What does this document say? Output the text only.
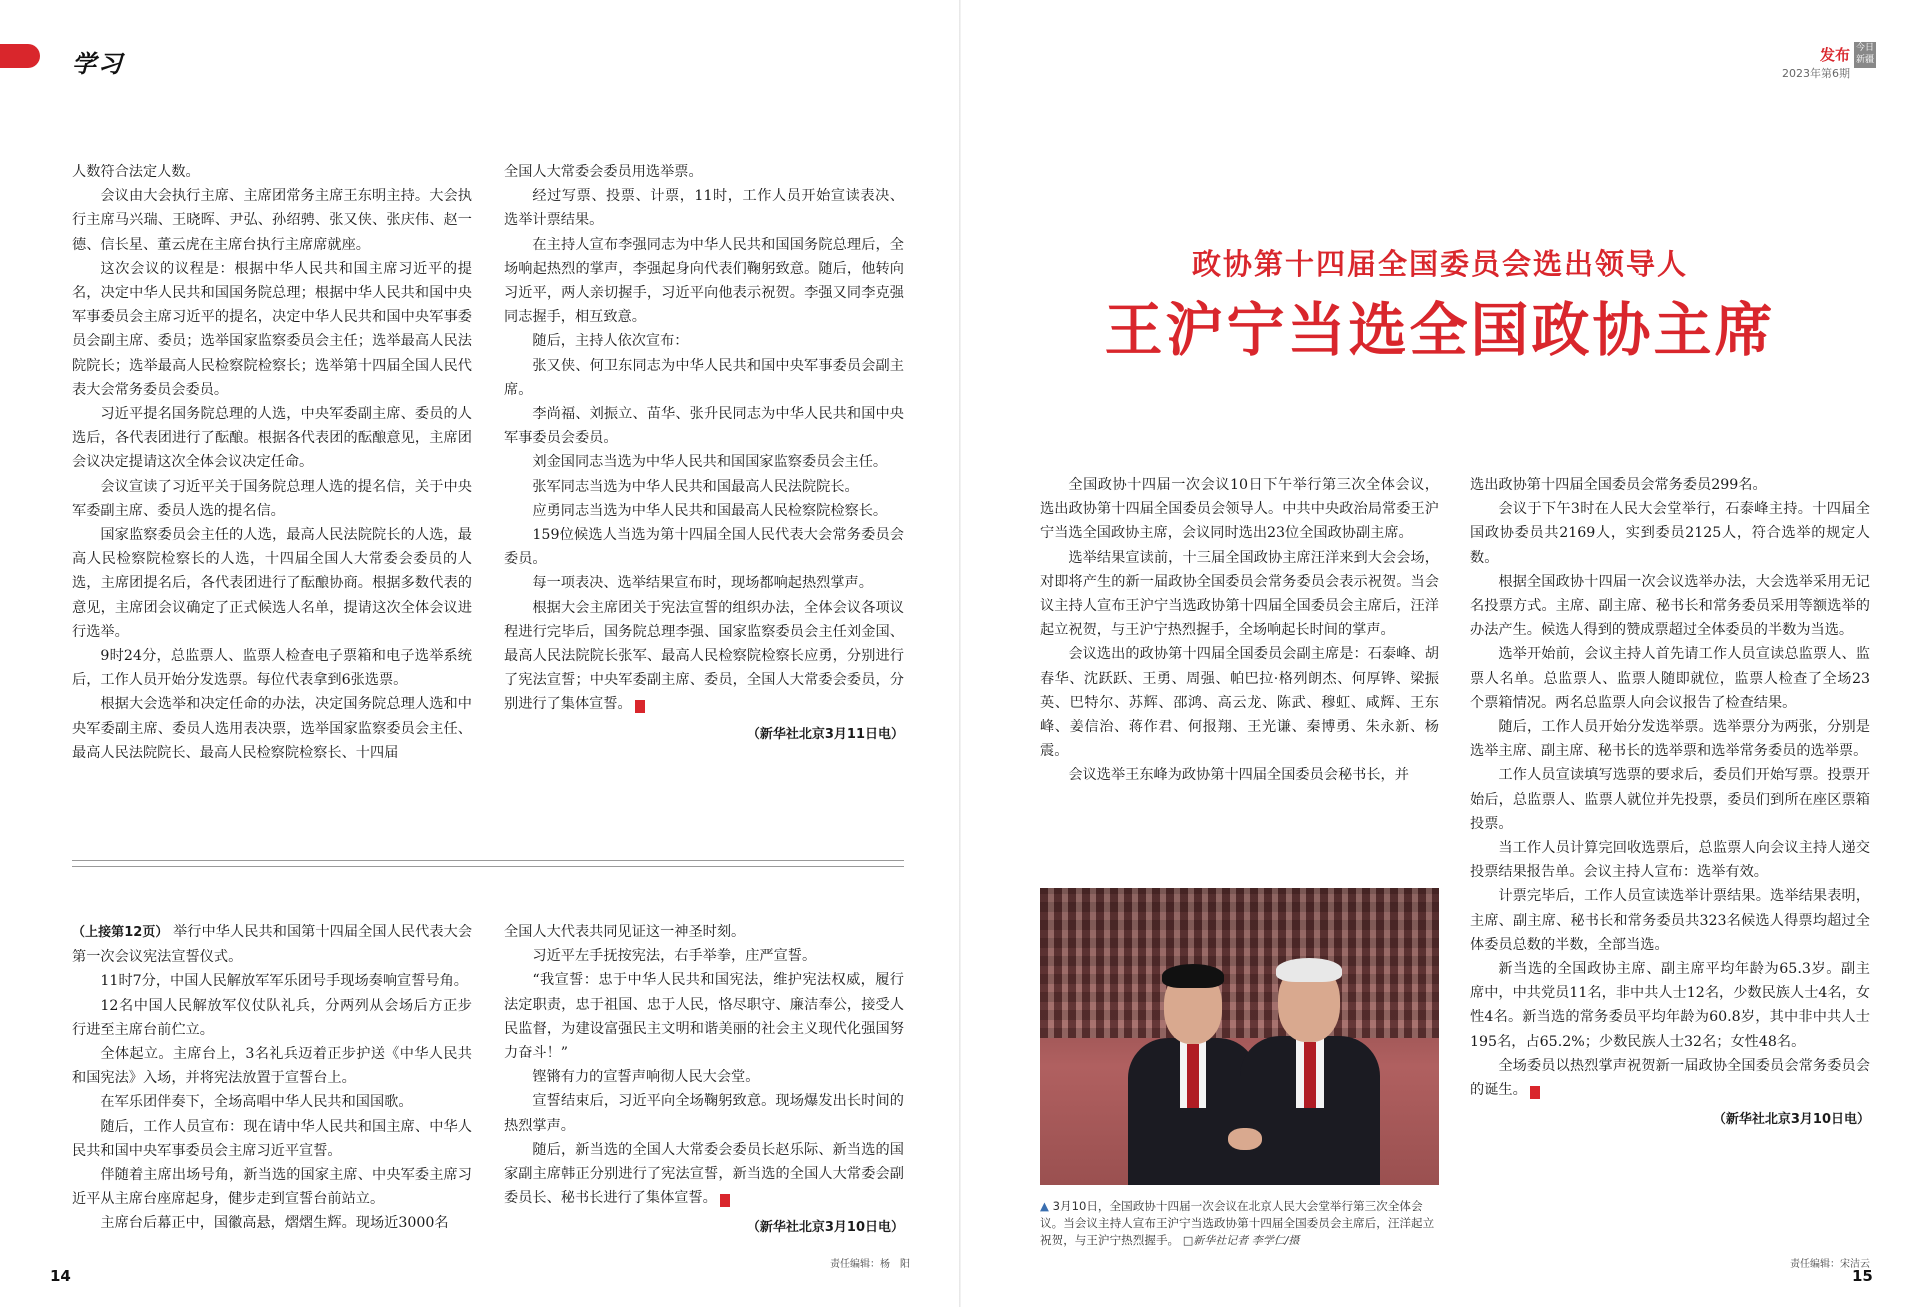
学习	发布
2023年第6期
今日
新疆

人数符合法定人数。

会议由大会执行主席、主席团常务主席王东明主持。大会执行主席马兴瑞、王晓晖、尹弘、孙绍骋、张又侠、张庆伟、赵一德、信长星、董云虎在主席台执行主席席就座。

这次会议的议程是：根据中华人民共和国主席习近平的提名，决定中华人民共和国国务院总理；根据中华人民共和国中央军事委员会主席习近平的提名，决定中华人民共和国中央军事委员会副主席、委员；选举国家监察委员会主任；选举最高人民法院院长；选举最高人民检察院检察长；选举第十四届全国人民代表大会常务委员会委员。

习近平提名国务院总理的人选，中央军委副主席、委员的人选后，各代表团进行了酝酿。根据各代表团的酝酿意见，主席团会议决定提请这次全体会议决定任命。

会议宣读了习近平关于国务院总理人选的提名信，关于中央军委副主席、委员人选的提名信。

国家监察委员会主任的人选，最高人民法院院长的人选，最高人民检察院检察长的人选，十四届全国人大常委会委员的人选，主席团提名后，各代表团进行了酝酿协商。根据多数代表的意见，主席团会议确定了正式候选人名单，提请这次全体会议进行选举。

9时24分，总监票人、监票人检查电子票箱和电子选举系统后，工作人员开始分发选票。每位代表拿到6张选票。

根据大会选举和决定任命的办法，决定国务院总理人选和中央军委副主席、委员人选用表决票，选举国家监察委员会主任、最高人民法院院长、最高人民检察院检察长、十四届

全国人大常委会委员用选举票。

经过写票、投票、计票，11时，工作人员开始宣读表决、选举计票结果。

在主持人宣布李强同志为中华人民共和国国务院总理后，全场响起热烈的掌声，李强起身向代表们鞠躬致意。随后，他转向习近平，两人亲切握手，习近平向他表示祝贺。李强又同李克强同志握手，相互致意。

随后，主持人依次宣布：

张又侠、何卫东同志为中华人民共和国中央军事委员会副主席。

李尚福、刘振立、苗华、张升民同志为中华人民共和国中央军事委员会委员。

刘金国同志当选为中华人民共和国国家监察委员会主任。

张军同志当选为中华人民共和国最高人民法院院长。

应勇同志当选为中华人民共和国最高人民检察院检察长。

159位候选人当选为第十四届全国人民代表大会常务委员会委员。

每一项表决、选举结果宣布时，现场都响起热烈掌声。

根据大会主席团关于宪法宣誓的组织办法，全体会议各项议程进行完毕后，国务院总理李强、国家监察委员会主任刘金国、最高人民法院院长张军、最高人民检察院检察长应勇，分别进行了宪法宣誓；中央军委副主席、委员，全国人大常委会委员，分别进行了集体宣誓。	J

（新华社北京3月11日电）

（上接第12页） 举行中华人民共和国第十四届全国人民代表大会第一次会议宪法宣誓仪式。

11时7分，中国人民解放军军乐团号手现场奏响宣誓号角。

12名中国人民解放军仪仗队礼兵，分两列从会场后方正步行进至主席台前伫立。

全体起立。主席台上，3名礼兵迈着正步护送《中华人民共和国宪法》入场，并将宪法放置于宣誓台上。

在军乐团伴奏下，全场高唱中华人民共和国国歌。

随后，工作人员宣布：现在请中华人民共和国主席、中华人民共和国中央军事委员会主席习近平宣誓。

伴随着主席出场号角，新当选的国家主席、中央军委主席习近平从主席台座席起身，健步走到宣誓台前站立。

主席台后幕正中，国徽高悬，熠熠生辉。现场近3000名

全国人大代表共同见证这一神圣时刻。

习近平左手抚按宪法，右手举拳，庄严宣誓。

“我宣誓：忠于中华人民共和国宪法，维护宪法权威，履行法定职责，忠于祖国、忠于人民，恪尽职守、廉洁奉公，接受人民监督，为建设富强民主文明和谐美丽的社会主义现代化强国努力奋斗！”

铿锵有力的宣誓声响彻人民大会堂。

宣誓结束后，习近平向全场鞠躬致意。现场爆发出长时间的热烈掌声。

随后，新当选的全国人大常委会委员长赵乐际、新当选的国家副主席韩正分别进行了宪法宣誓，新当选的全国人大常委会副委员长、秘书长进行了集体宣誓。	J

（新华社北京3月10日电）

14
责任编辑：杨　阳
政协第十四届全国委员会选出领导人
王沪宁当选全国政协主席

全国政协十四届一次会议10日下午举行第三次全体会议，选出政协第十四届全国委员会领导人。中共中央政治局常委王沪宁当选全国政协主席，会议同时选出23位全国政协副主席。

选举结果宣读前，十三届全国政协主席汪洋来到大会会场，对即将产生的新一届政协全国委员会常务委员会表示祝贺。当会议主持人宣布王沪宁当选政协第十四届全国委员会主席后，汪洋起立祝贺，与王沪宁热烈握手，全场响起长时间的掌声。

会议选出的政协第十四届全国委员会副主席是：石泰峰、胡春华、沈跃跃、王勇、周强、帕巴拉·格列朗杰、何厚铧、梁振英、巴特尔、苏辉、邵鸿、高云龙、陈武、穆虹、咸辉、王东峰、姜信治、蒋作君、何报翔、王光谦、秦博勇、朱永新、杨震。

会议选举王东峰为政协第十四届全国委员会秘书长，并

选出政协第十四届全国委员会常务委员299名。

会议于下午3时在人民大会堂举行，石泰峰主持。十四届全国政协委员共2169人，实到委员2125人，符合选举的规定人数。

根据全国政协十四届一次会议选举办法，大会选举采用无记名投票方式。主席、副主席、秘书长和常务委员采用等额选举的办法产生。候选人得到的赞成票超过全体委员的半数为当选。

选举开始前，会议主持人首先请工作人员宣读总监票人、监票人名单。总监票人、监票人随即就位，监票人检查了全场23个票箱情况。两名总监票人向会议报告了检查结果。

随后，工作人员开始分发选举票。选举票分为两张，分别是选举主席、副主席、秘书长的选举票和选举常务委员的选举票。

工作人员宣读填写选票的要求后，委员们开始写票。投票开始后，总监票人、监票人就位并先投票，委员们到所在座区票箱投票。

当工作人员计算完回收选票后，总监票人向会议主持人递交投票结果报告单。会议主持人宣布：选举有效。

计票完毕后，工作人员宣读选举计票结果。选举结果表明，主席、副主席、秘书长和常务委员共323名候选人得票均超过全体委员总数的半数，全部当选。

新当选的全国政协主席、副主席平均年龄为65.3岁。副主席中，中共党员11名，非中共人士12名，少数民族人士4名，女性4名。新当选的常务委员平均年龄为60.8岁，其中非中共人士195名，占65.2%；少数民族人士32名；女性48名。

全场委员以热烈掌声祝贺新一届政协全国委员会常务委员会的诞生。	J

（新华社北京3月10日电）

▲ 3月10日，全国政协十四届一次会议在北京人民大会堂举行第三次全体会议。当会议主持人宣布王沪宁当选政协第十四届全国委员会主席后，汪洋起立祝贺，与王沪宁热烈握手。 □新华社记者 李学仁/摄
15
责任编辑：宋洁云
